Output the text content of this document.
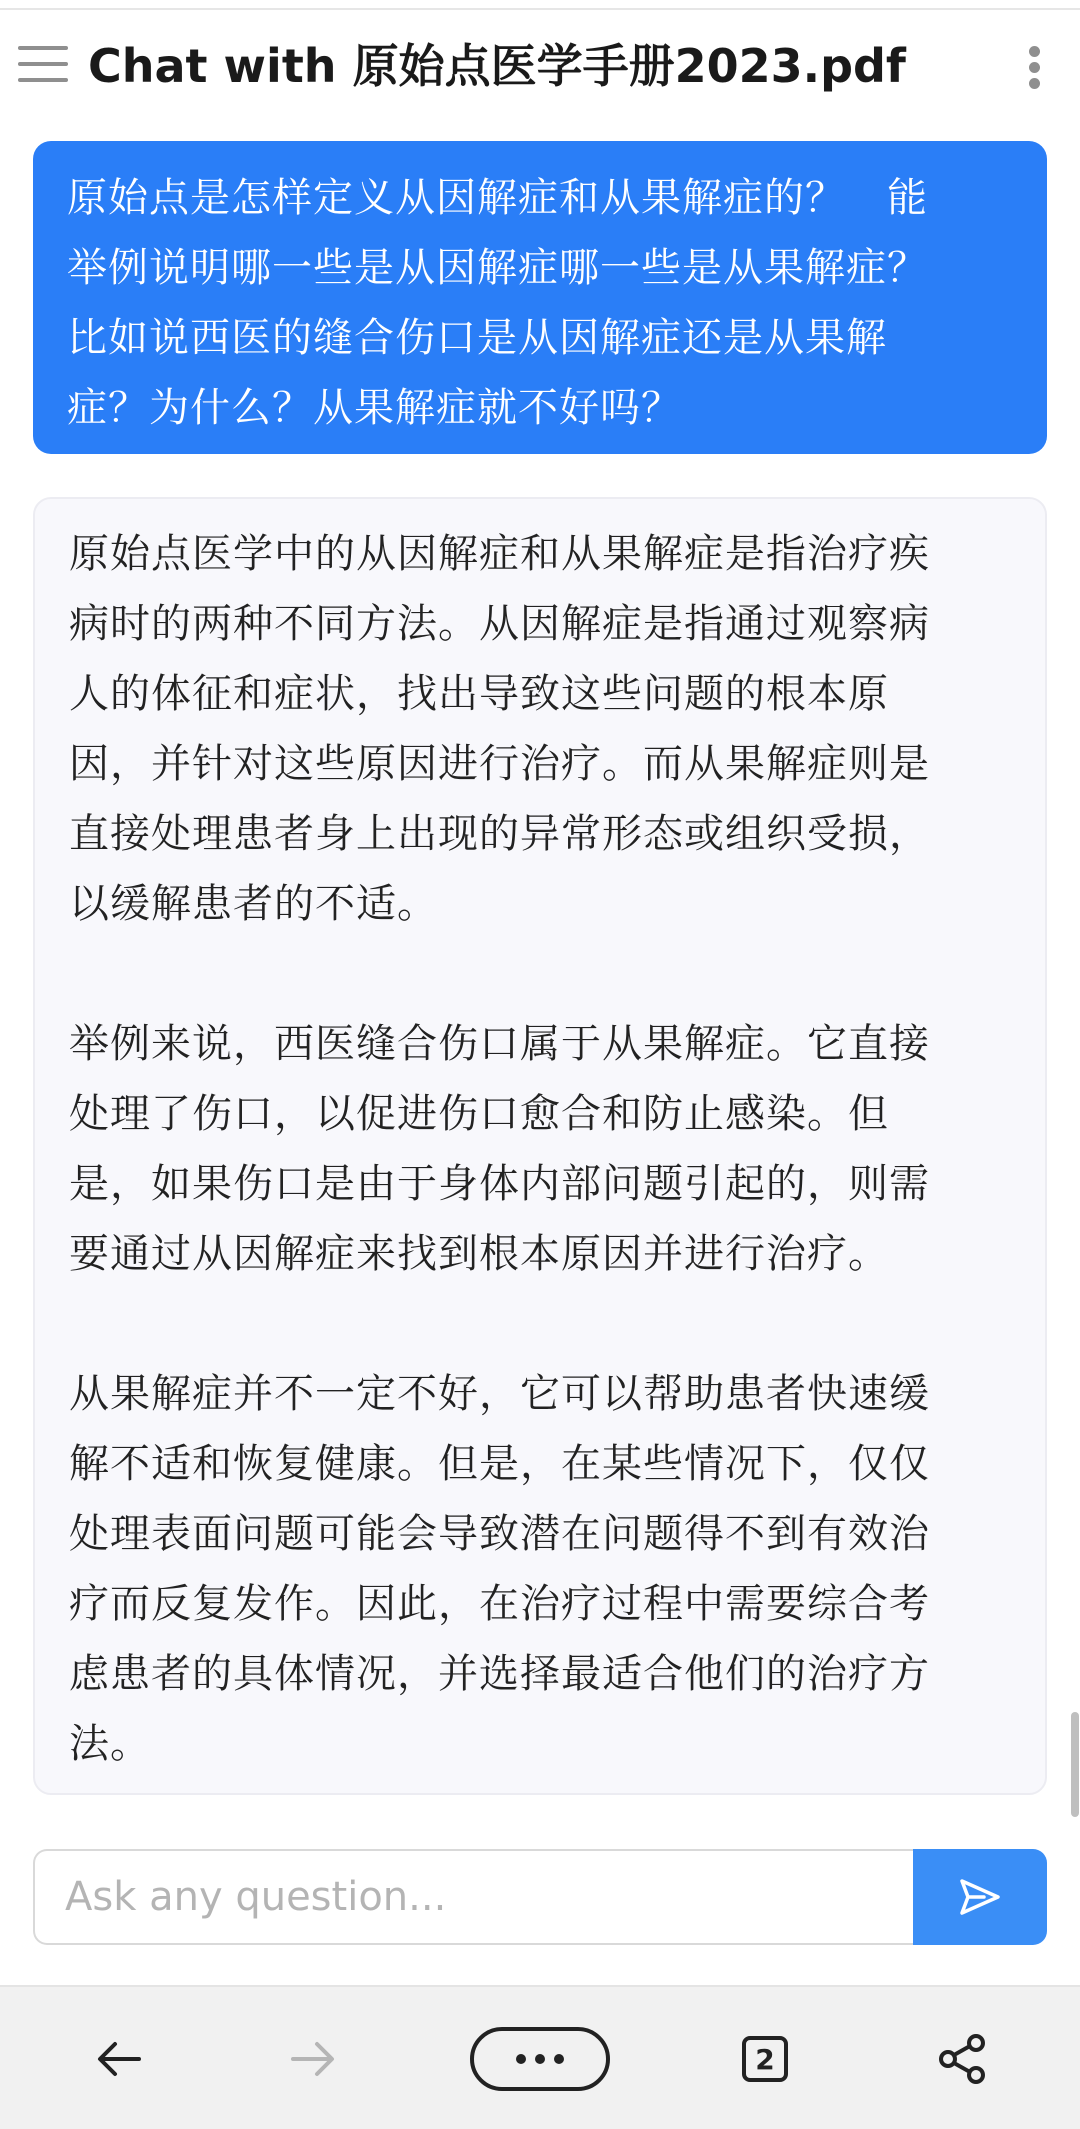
Chat with 原始点医学手册2023.pdf

原始点是怎样定义从因解症和从果解症的？　能
举例说明哪一些是从因解症哪一些是从果解症？
比如说西医的缝合伤口是从因解症还是从果解
症？为什么？从果解症就不好吗？

原始点医学中的从因解症和从果解症是指治疗疾
病时的两种不同方法。从因解症是指通过观察病
人的体征和症状，找出导致这些问题的根本原
因，并针对这些原因进行治疗。而从果解症则是
直接处理患者身上出现的异常形态或组织受损，
以缓解患者的不适。

举例来说，西医缝合伤口属于从果解症。它直接
处理了伤口，以促进伤口愈合和防止感染。但
是，如果伤口是由于身体内部问题引起的，则需
要通过从因解症来找到根本原因并进行治疗。

从果解症并不一定不好，它可以帮助患者快速缓
解不适和恢复健康。但是，在某些情况下，仅仅
处理表面问题可能会导致潜在问题得不到有效治
疗而反复发作。因此，在治疗过程中需要综合考
虑患者的具体情况，并选择最适合他们的治疗方
法。

Ask any question...
2
